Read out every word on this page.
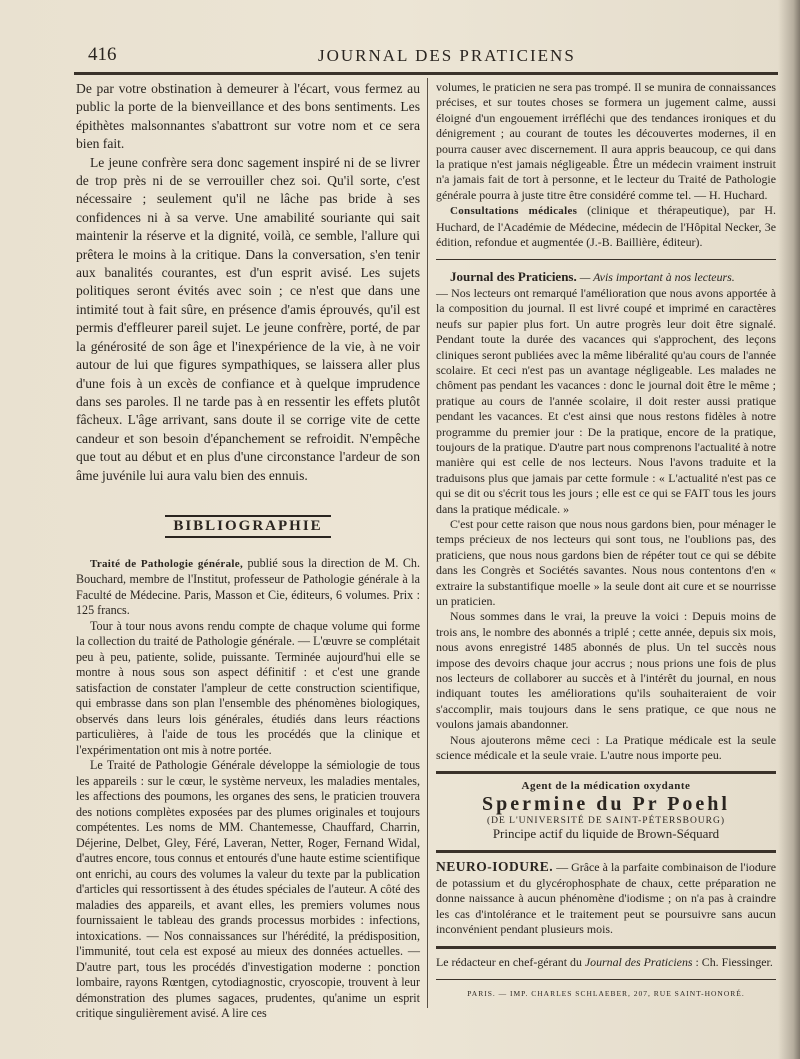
416	JOURNAL DES PRATICIENS

De par votre obstination à demeurer à l'écart, vous fermez au public la porte de la bienveillance et des bons sentiments. Les épithètes malsonnantes s'abattront sur votre nom et ce sera bien fait.

Le jeune confrère sera donc sagement inspiré ni de se livrer de trop près ni de se verrouiller chez soi. Qu'il sorte, c'est nécessaire ; seulement qu'il ne lâche pas bride à ses confidences ni à sa verve. Une amabilité souriante qui sait maintenir la réserve et la dignité, voilà, ce semble, l'allure qui prêtera le moins à la critique. Dans la conversation, s'en tenir aux banalités courantes, est d'un esprit avisé. Les sujets politiques seront évités avec soin ; ce n'est que dans une intimité tout à fait sûre, en présence d'amis éprouvés, qu'il est permis d'effleurer pareil sujet. Le jeune confrère, porté, de par la générosité de son âge et l'inexpérience de la vie, à ne voir autour de lui que figures sympathiques, se laissera aller plus d'une fois à un excès de confiance et à quelque imprudence dans ses paroles. Il ne tarde pas à en ressentir les effets plutôt fâcheux. L'âge arrivant, sans doute il se corrige vite de cette candeur et son besoin d'épanchement se refroidit. N'empêche que tout au début et en plus d'une circonstance l'ardeur de son âme juvénile lui aura valu bien des ennuis.

BIBLIOGRAPHIE

Traité de Pathologie générale, publié sous la direction de M. Ch. Bouchard, membre de l'Institut, professeur de Pathologie générale à la Faculté de Médecine. Paris, Masson et Cie, éditeurs, 6 volumes. Prix : 125 francs.

Tour à tour nous avons rendu compte de chaque volume qui forme la collection du traité de Pathologie générale. — L'œuvre se complétait peu à peu, patiente, solide, puissante. Terminée aujourd'hui elle se montre à nous sous son aspect définitif : et c'est une grande satisfaction de constater l'ampleur de cette construction scientifique, qui embrasse dans son plan l'ensemble des phénomènes biologiques, observés dans leurs lois générales, étudiés dans leurs réactions particulières, à l'aide de tous les procédés que la clinique et l'expérimentation ont mis à notre portée.

Le Traité de Pathologie Générale développe la sémiologie de tous les appareils : sur le cœur, le système nerveux, les maladies mentales, les affections des poumons, les organes des sens, le praticien trouvera des notions complètes exposées par des plumes originales et toujours compétentes. Les noms de MM. Chantemesse, Chauffard, Charrin, Déjerine, Delbet, Gley, Féré, Laveran, Netter, Roger, Fernand Widal, d'autres encore, tous connus et entourés d'une haute estime scientifique ont enrichi, au cours des volumes la valeur du texte par la publication d'articles qui ressortissent à des études spéciales de l'auteur. A côté des maladies des appareils, et avant elles, les premiers volumes nous fournissaient le tableau des grands processus morbides : infections, intoxications. — Nos connaissances sur l'hérédité, la prédisposition, l'immunité, tout cela est exposé au mieux des données actuelles. — D'autre part, tous les procédés d'investigation moderne : ponction lombaire, rayons Rœntgen, cytodiagnostic, cryoscopie, trouvent à leur démonstration des plumes sagaces, prudentes, qu'anime un esprit critique singulièrement avisé. A lire ces

volumes, le praticien ne sera pas trompé. Il se munira de connaissances précises, et sur toutes choses se formera un jugement calme, aussi éloigné d'un engouement irréfléchi que des tendances ironiques et du dénigrement ; au courant de toutes les découvertes modernes, il en pourra causer avec discernement. Il aura appris beaucoup, ce qui dans la pratique n'est jamais négligeable. Être un médecin vraiment instruit n'a jamais fait de tort à personne, et le lecteur du Traité de Pathologie générale pourra à juste titre être considéré comme tel. — H. Huchard.

Consultations médicales (clinique et thérapeutique), par H. Huchard, de l'Académie de Médecine, médecin de l'Hôpital Necker, 3e édition, refondue et augmentée (J.-B. Baillière, éditeur).

Journal des Praticiens. — Avis important à nos lecteurs.

— Nos lecteurs ont remarqué l'amélioration que nous avons apportée à la composition du journal. Il est livré coupé et imprimé en caractères neufs sur papier plus fort. Un autre progrès leur doit être signalé. Pendant toute la durée des vacances qui s'approchent, des leçons cliniques seront publiées avec la même libéralité qu'au cours de l'année scolaire. Et ceci n'est pas un avantage négligeable. Les malades ne chôment pas pendant les vacances : donc le journal doit être le même ; pratique au cours de l'année scolaire, il doit rester aussi pratique pendant les vacances. Et c'est ainsi que nous restons fidèles à notre programme du premier jour : De la pratique, encore de la pratique, toujours de la pratique. D'autre part nous comprenons l'actualité à notre manière qui est celle de nos lecteurs. Nous l'avons traduite et la traduisons plus que jamais par cette formule : « L'actualité n'est pas ce qui se dit ou s'écrit tous les jours ; elle est ce qui se FAIT tous les jours dans la pratique médicale. »

C'est pour cette raison que nous nous gardons bien, pour ménager le temps précieux de nos lecteurs qui sont tous, ne l'oublions pas, des praticiens, que nous nous gardons bien de répéter tout ce qui se débite dans les Congrès et Sociétés savantes. Nous nous contentons d'en « extraire la substantifique moelle » la seule dont ait cure et se nourrisse un praticien.

Nous sommes dans le vrai, la preuve la voici : Depuis moins de trois ans, le nombre des abonnés a triplé ; cette année, depuis six mois, nous avons enregistré 1485 abonnés de plus. Un tel succès nous impose des devoirs chaque jour accrus ; nous prions une fois de plus nos lecteurs de collaborer au succès et à l'intérêt du journal, en nous indiquant toutes les améliorations qu'ils souhaiteraient de voir s'accomplir, mais toujours dans le sens pratique, ce que nous ne voulons jamais abandonner.

Nous ajouterons même ceci : La Pratique médicale est la seule science médicale et la seule vraie. L'autre nous importe peu.

Agent de la médication oxydante
Spermine du Pr Poehl
(DE L'UNIVERSITÉ DE SAINT-PÉTERSBOURG)
Principe actif du liquide de Brown-Séquard

NEURO-IODURE. — Grâce à la parfaite combinaison de l'iodure de potassium et du glycérophosphate de chaux, cette préparation ne donne naissance à aucun phénomène d'iodisme ; on n'a pas à craindre les cas d'intolérance et le traitement peut se poursuivre sans aucun inconvénient pendant plusieurs mois.

Le rédacteur en chef-gérant du Journal des Praticiens : Ch. Fiessinger.

PARIS. — IMP. CHARLES SCHLAEBER, 207, RUE SAINT-HONORÉ.
